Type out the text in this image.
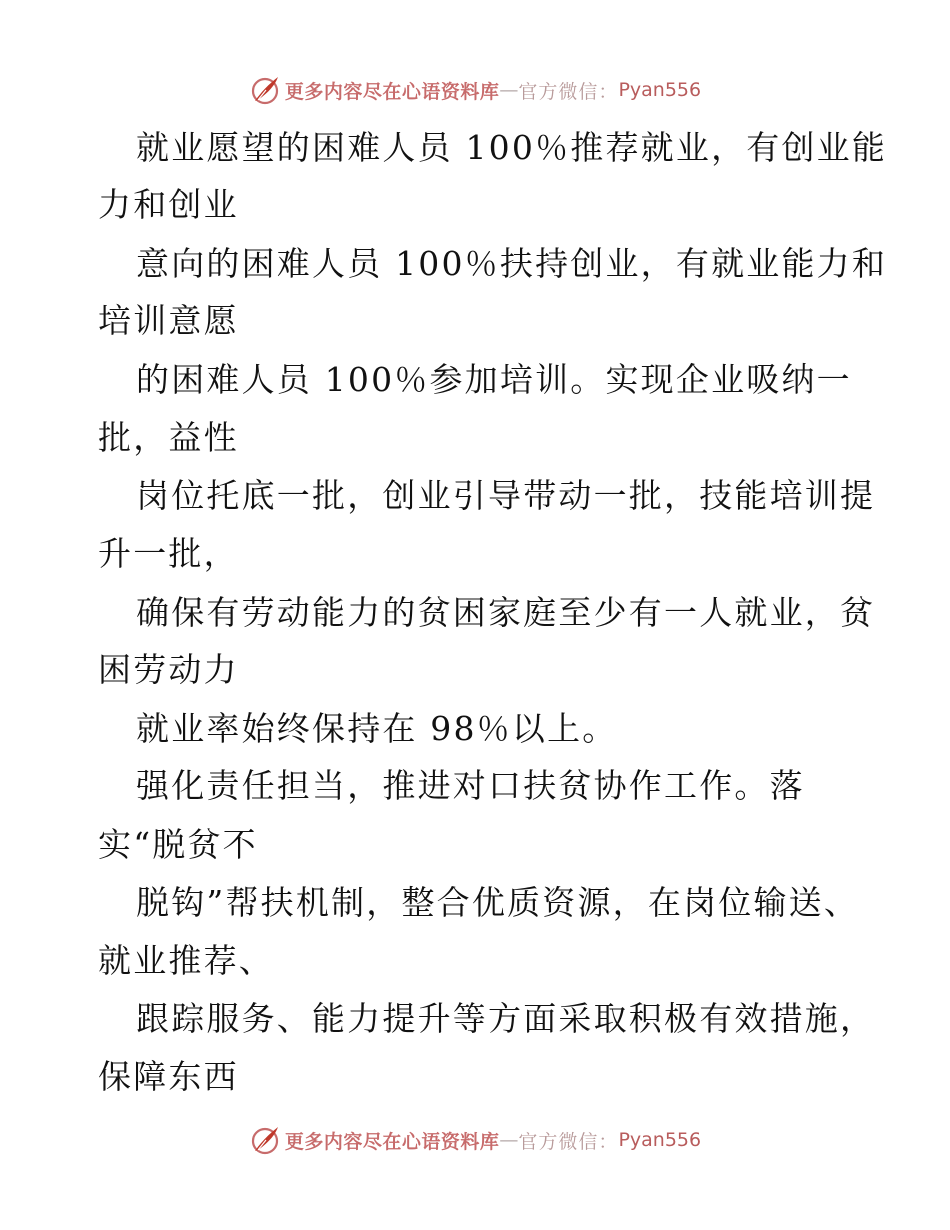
更多内容尽在心语资料库 — 官方微信： Pyan556
就业愿望的困难人员 100％推荐就业，有创业能
力和创业
意向的困难人员 100％扶持创业，有就业能力和
培训意愿
的困难人员 100％参加培训。实现企业吸纳一
批，益性
岗位托底一批，创业引导带动一批，技能培训提
升一批，
确保有劳动能力的贫困家庭至少有一人就业，贫
困劳动力
就业率始终保持在 98％以上。
强化责任担当，推进对口扶贫协作工作。落
实“脱贫不
脱钩”帮扶机制，整合优质资源，在岗位输送、
就业推荐、
跟踪服务、能力提升等方面采取积极有效措施，
保障东西
更多内容尽在心语资料库 — 官方微信： Pyan556
